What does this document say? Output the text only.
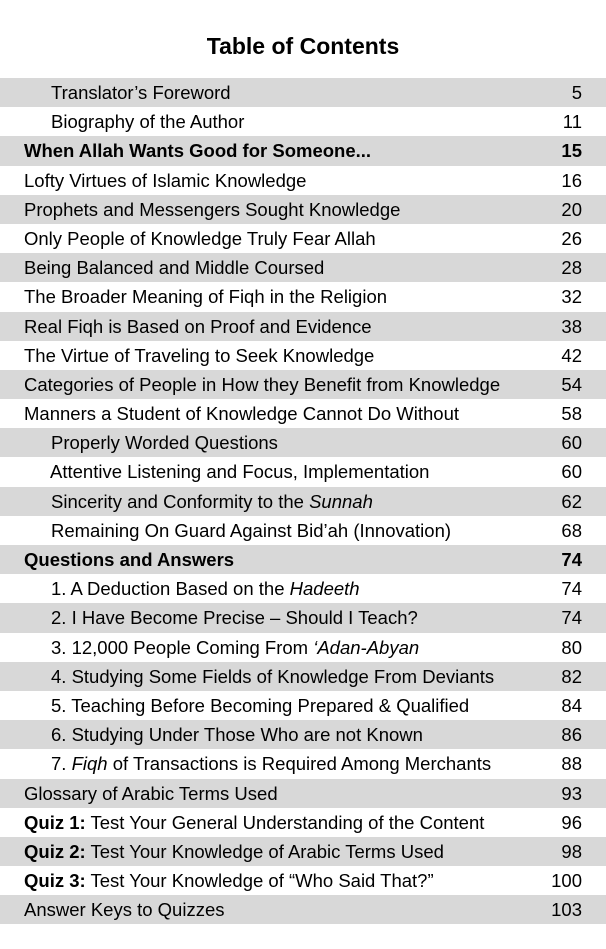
Table of Contents
Translator’s Foreword	5
Biography of the Author	11
When Allah Wants Good for Someone...	15
Lofty Virtues of Islamic Knowledge	16
Prophets and Messengers Sought Knowledge	20
Only People of Knowledge Truly Fear Allah	26
Being Balanced and Middle Coursed	28
The Broader Meaning of Fiqh in the Religion	32
Real Fiqh is Based on Proof and Evidence	38
The Virtue of Traveling to Seek Knowledge	42
Categories of People in How they Benefit from Knowledge	54
Manners a Student of Knowledge Cannot Do Without	58
Properly Worded Questions	60
Attentive Listening and Focus, Implementation	60
Sincerity and Conformity to the Sunnah	62
Remaining On Guard Against Bid’ah (Innovation)	68
Questions and Answers	74
1. A Deduction Based on the Hadeeth	74
2. I Have Become Precise – Should I Teach?	74
3. 12,000 People Coming From ‘Adan-Abyan	80
4. Studying Some Fields of Knowledge From Deviants	82
5. Teaching Before Becoming Prepared & Qualified	84
6. Studying Under Those Who are not Known	86
7. Fiqh of Transactions is Required Among Merchants	88
Glossary of Arabic Terms Used	93
Quiz 1: Test Your General Understanding of the Content	96
Quiz 2: Test Your Knowledge of Arabic Terms Used	98
Quiz 3: Test Your Knowledge of “Who Said That?”	100
Answer Keys to Quizzes	103
